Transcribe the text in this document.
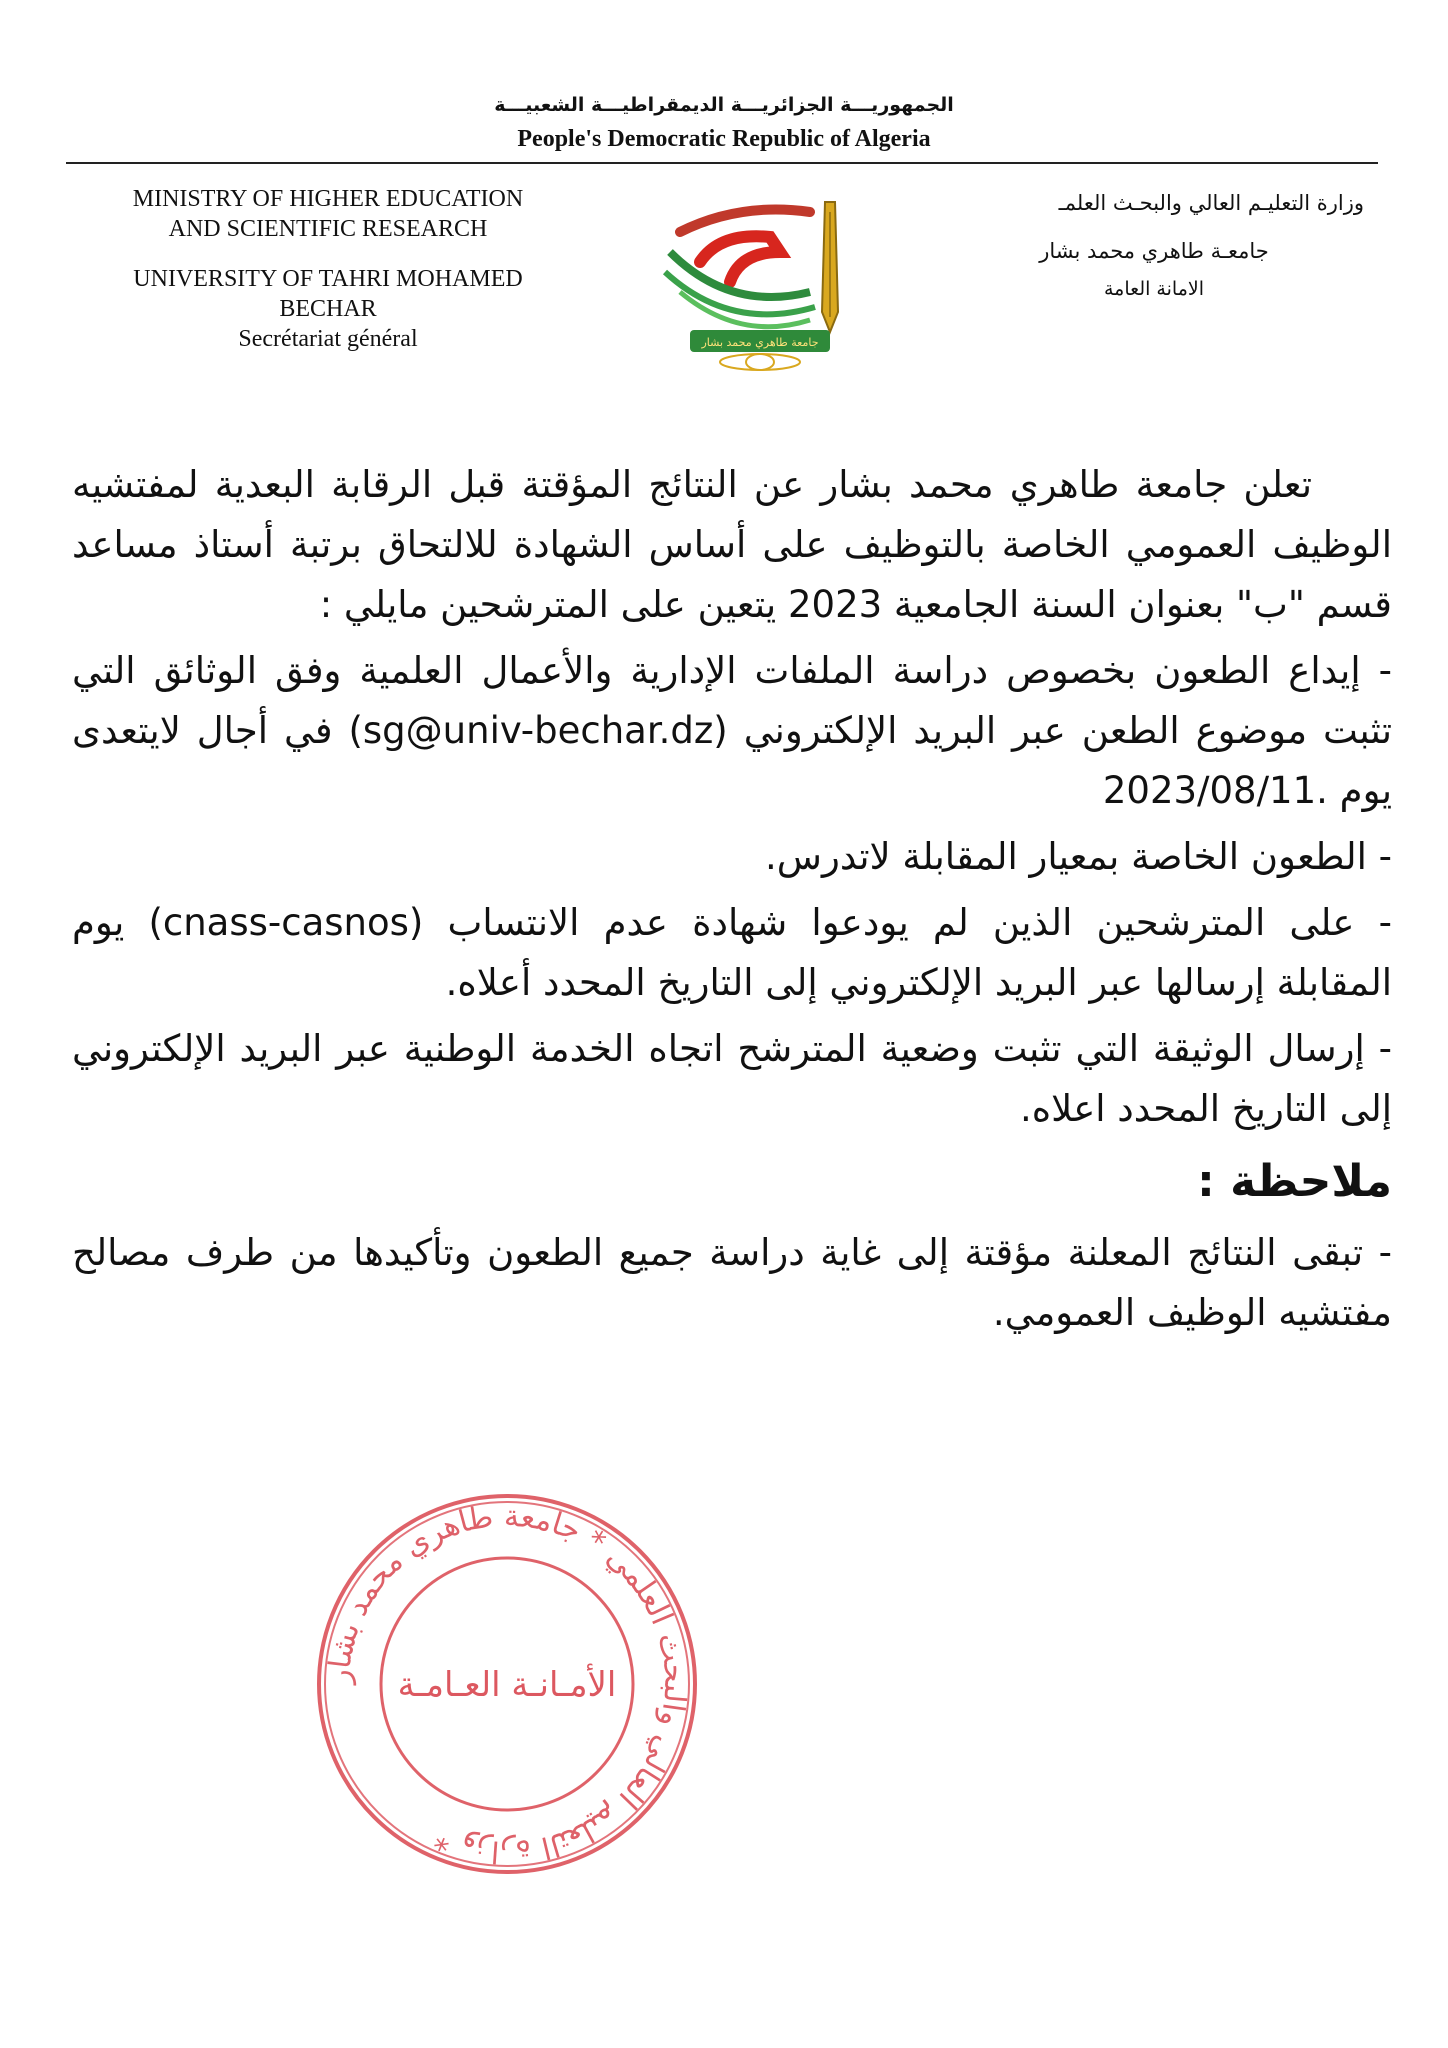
الجمهوريـــة الجزائريـــة الديمقراطيـــة الشعبيـــة
People's Democratic Republic of Algeria
MINISTRY OF HIGHER EDUCATION
AND SCIENTIFIC RESEARCH
UNIVERSITY OF TAHRI MOHAMED
BECHAR
Secrétariat général
وزارة التعليـم العالي والبحـث العلمـ
جامعـة طاهري محمد بشار
الامانة العامة
جامعة طاهري محمد بشار

تعلن جامعة طاهري محمد بشار عن النتائج المؤقتة قبل الرقابة البعدية لمفتشيه الوظيف العمومي الخاصة بالتوظيف على أساس الشهادة للالتحاق برتبة أستاذ مساعد قسم "ب" بعنوان السنة الجامعية 2023 يتعين على المترشحين مايلي :

- إيداع الطعون بخصوص دراسة الملفات الإدارية والأعمال العلمية وفق الوثائق التي تثبت موضوع الطعن عبر البريد الإلكتروني (sg@univ-bechar.dz) في أجال لايتعدى يوم 2023/08/11.

- الطعون الخاصة بمعيار المقابلة لاتدرس.

- على المترشحين الذين لم يودعوا شهادة عدم الانتساب (cnass-casnos) يوم المقابلة إرسالها عبر البريد الإلكتروني إلى التاريخ المحدد أعلاه.

- إرسال الوثيقة التي تثبت وضعية المترشح اتجاه الخدمة الوطنية عبر البريد الإلكتروني إلى التاريخ المحدد اعلاه.

ملاحظة :

- تبقى النتائج المعلنة مؤقتة إلى غاية دراسة جميع الطعون وتأكيدها من طرف مصالح مفتشيه الوظيف العمومي.

وزارة التعليم العالي والبحث العلمي * جامعة طاهري محمد بشار *
الأمـانـة العـامـة
